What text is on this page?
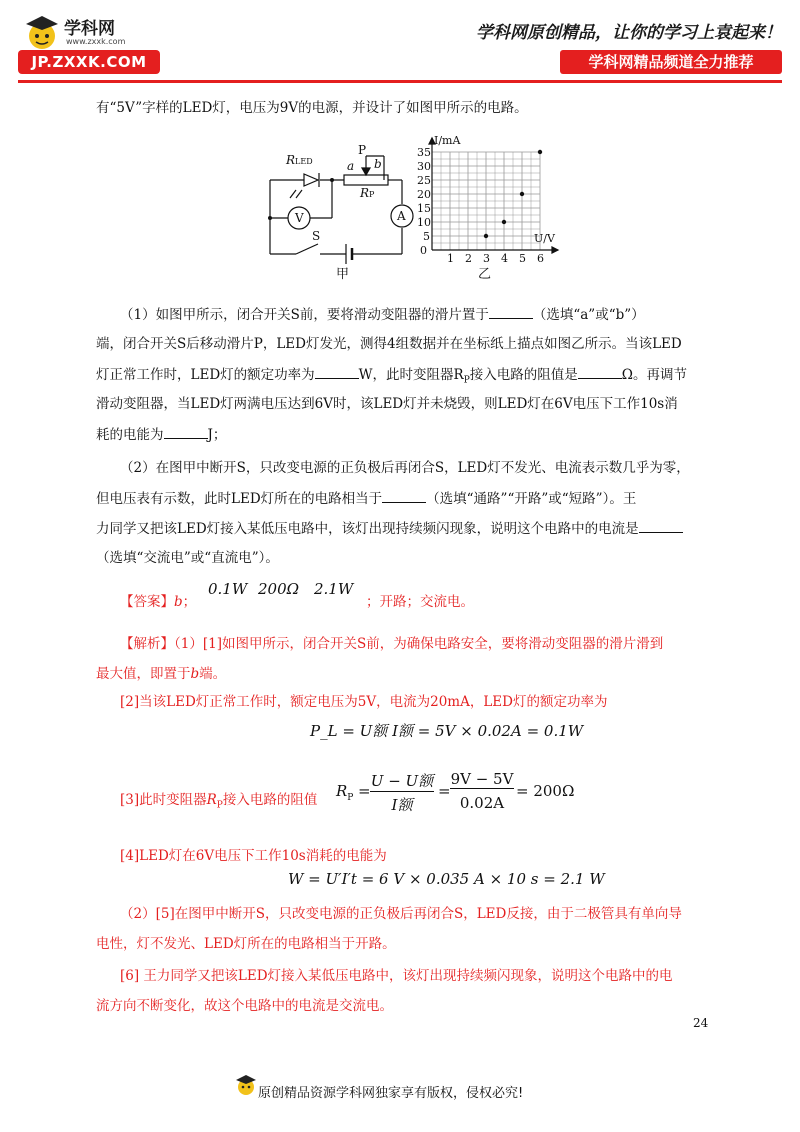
学科网
www.zxxk.com
JP.ZXXK.COM
学科网原创精品，让你的学习上袁起来！
学科网精品频道全力推荐
有“5V”字样的LED灯，电压为9V的电源，并设计了如图甲所示的电路。
RLED	a
P
b
RP
V	A
S
甲
1 2 3 4 5 6
5
10
15
20
25
30
35
I/mA
U/V
0
乙
（1）如图甲所示，闭合开关S前，要将滑动变阻器的滑片置于	（选填“a”或“b”）
端，闭合开关S后移动滑片P，LED灯发光，测得4组数据并在坐标纸上描点如图乙所示。当该LED
灯正常工作时，LED灯的额定功率为	W，此时变阻器$R_P$接入电路的阻值是	Ω。再调节
滑动变阻器，当LED灯两满电压达到6V时，该LED灯并未烧毁，则LED灯在6V电压下工作10s消
耗的电能为	J；
（2）在图甲中断开S，只改变电源的正负极后再闭合S，LED灯不发光、电流表示数几乎为零，
但电压表有示数，此时LED灯所在的电路相当于	（选填“通路”“开路”或“短路”）。王
力同学又把该LED灯接入某低压电路中，该灯出现持续频闪现象，说明这个电路中的电流是
（选填“交流电”或“直流电”）。
【答案】b；
0.1W 200Ω 2.1W
；开路；交流电。
【解析】（1）[1]如图甲所示，闭合开关S前，为确保电路安全，要将滑动变阻器的滑片滑到
最大值，即置于b端。
[2]当该LED灯正常工作时，额定电压为5V，电流为20mA，LED灯的额定功率为
P_L = U额 I额 = 5V × 0.02A = 0.1W
[3]此时变阻器$R_P$接入电路的阻值 $R_P$ =
U − U额
I额
=
9V − 5V
0.02A
= 200Ω
[4]LED灯在6V电压下工作10s消耗的电能为
W = U′I′t = 6 V × 0.035 A × 10 s = 2.1 W
（2）[5]在图甲中断开S，只改变电源的正负极后再闭合S，LED反接，由于二极管具有单向导
电性，灯不发光、LED灯所在的电路相当于开路。
[6] 王力同学又把该LED灯接入某低压电路中，该灯出现持续频闪现象，说明这个电路中的电
流方向不断变化，故这个电路中的电流是交流电。
24
原创精品资源学科网独家享有版权，侵权必究!
